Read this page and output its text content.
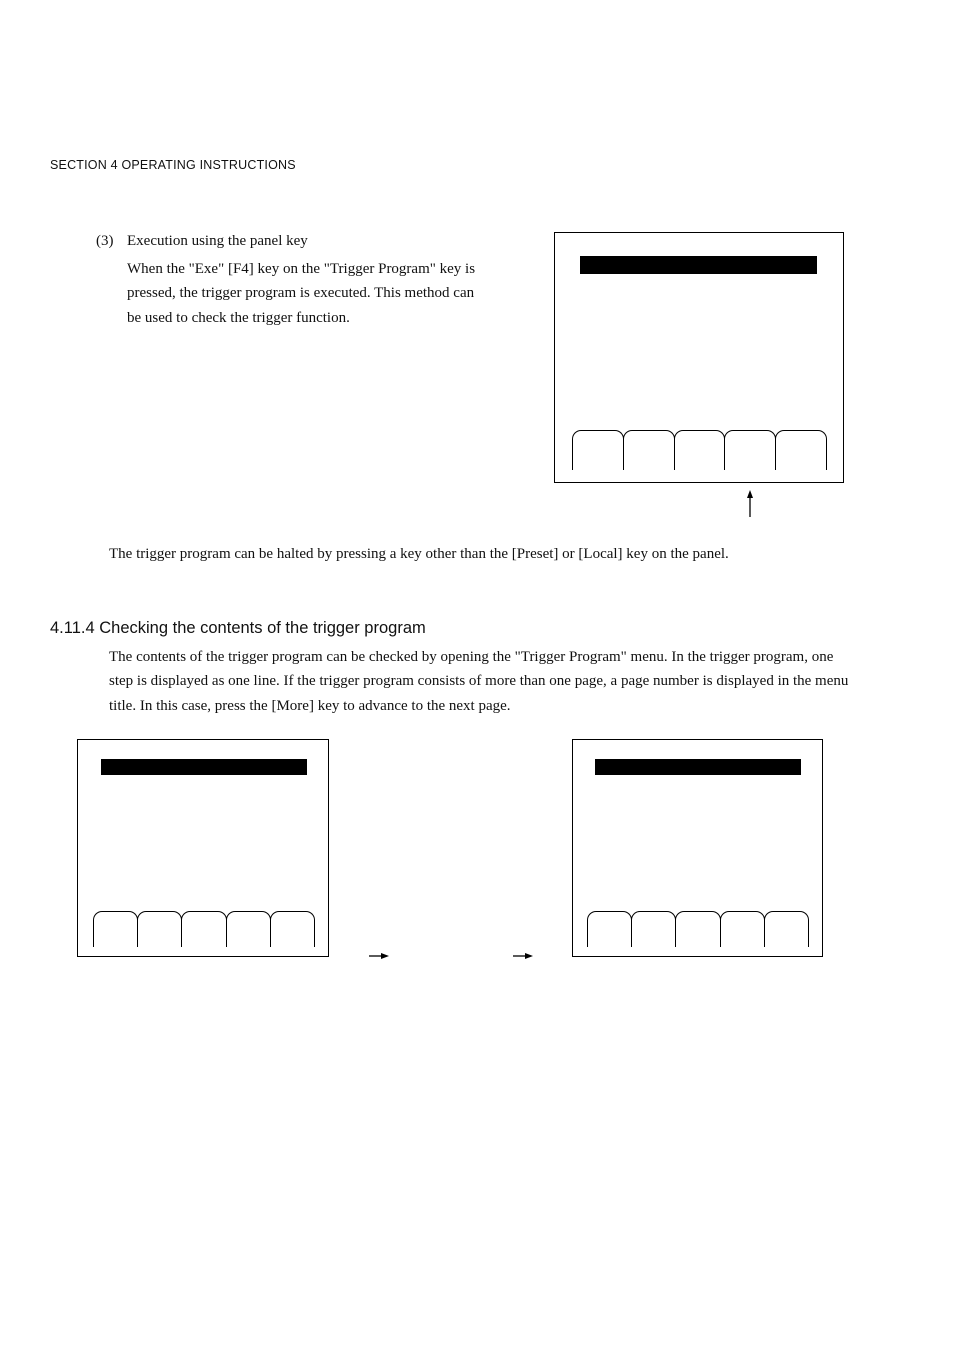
SECTION 4 OPERATING INSTRUCTIONS
(3) Execution using the panel key
When the "Exe" [F4] key on the "Trigger Program" key is pressed, the trigger program is executed. This method can be used to check the trigger function.
The trigger program can be halted by pressing a key other than the [Preset] or [Local] key on the panel.
4.11.4 Checking the contents of the trigger program
The contents of the trigger program can be checked by opening the "Trigger Program" menu. In the trigger program, one step is displayed as one line. If the trigger program consists of more than one page, a page number is displayed in the menu title. In this case, press the [More] key to advance to the next page.
